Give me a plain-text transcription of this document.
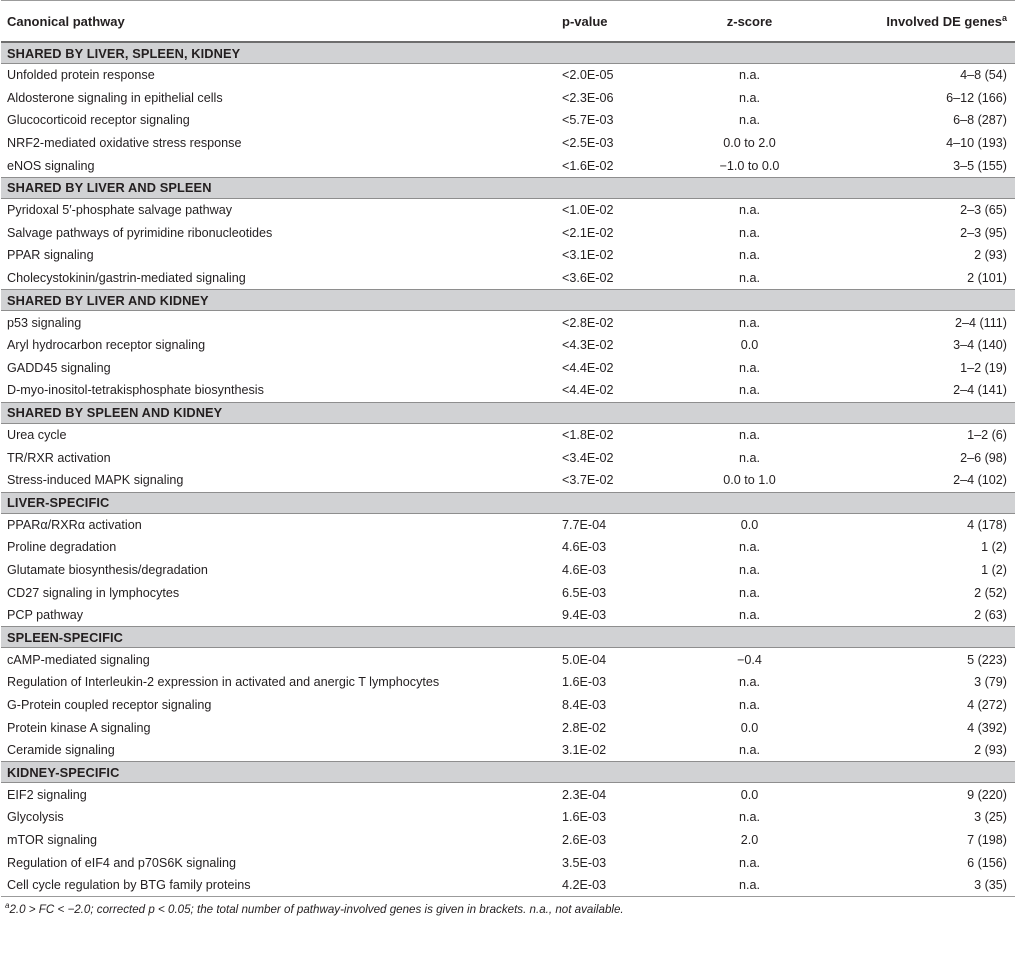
Canonical pathway	p-value	z-score	Involved DE genes$^a$
SHARED BY LIVER, SPLEEN, KIDNEY			
Unfolded protein response	<2.0E-05	n.a.	4–8 (54)
Aldosterone signaling in epithelial cells	<2.3E-06	n.a.	6–12 (166)
Glucocorticoid receptor signaling	<5.7E-03	n.a.	6–8 (287)
NRF2-mediated oxidative stress response	<2.5E-03	0.0 to 2.0	4–10 (193)
eNOS signaling	<1.6E-02	−1.0 to 0.0	3–5 (155)
SHARED BY LIVER AND SPLEEN			
Pyridoxal 5′-phosphate salvage pathway	<1.0E-02	n.a.	2–3 (65)
Salvage pathways of pyrimidine ribonucleotides	<2.1E-02	n.a.	2–3 (95)
PPAR signaling	<3.1E-02	n.a.	2 (93)
Cholecystokinin/gastrin-mediated signaling	<3.6E-02	n.a.	2 (101)
SHARED BY LIVER AND KIDNEY			
p53 signaling	<2.8E-02	n.a.	2–4 (111)
Aryl hydrocarbon receptor signaling	<4.3E-02	0.0	3–4 (140)
GADD45 signaling	<4.4E-02	n.a.	1–2 (19)
D-myo-inositol-tetrakisphosphate biosynthesis	<4.4E-02	n.a.	2–4 (141)
SHARED BY SPLEEN AND KIDNEY			
Urea cycle	<1.8E-02	n.a.	1–2 (6)
TR/RXR activation	<3.4E-02	n.a.	2–6 (98)
Stress-induced MAPK signaling	<3.7E-02	0.0 to 1.0	2–4 (102)
LIVER-SPECIFIC			
PPARα/RXRα activation	7.7E-04	0.0	4 (178)
Proline degradation	4.6E-03	n.a.	1 (2)
Glutamate biosynthesis/degradation	4.6E-03	n.a.	1 (2)
CD27 signaling in lymphocytes	6.5E-03	n.a.	2 (52)
PCP pathway	9.4E-03	n.a.	2 (63)
SPLEEN-SPECIFIC			
cAMP-mediated signaling	5.0E-04	−0.4	5 (223)
Regulation of Interleukin-2 expression in activated and anergic T lymphocytes	1.6E-03	n.a.	3 (79)
G-Protein coupled receptor signaling	8.4E-03	n.a.	4 (272)
Protein kinase A signaling	2.8E-02	0.0	4 (392)
Ceramide signaling	3.1E-02	n.a.	2 (93)
KIDNEY-SPECIFIC			
EIF2 signaling	2.3E-04	0.0	9 (220)
Glycolysis	1.6E-03	n.a.	3 (25)
mTOR signaling	2.6E-03	2.0	7 (198)
Regulation of eIF4 and p70S6K signaling	3.5E-03	n.a.	6 (156)
Cell cycle regulation by BTG family proteins	4.2E-03	n.a.	3 (35)
$^a$2.0 > FC < −2.0; corrected p < 0.05; the total number of pathway-involved genes is given in brackets. n.a., not available.
